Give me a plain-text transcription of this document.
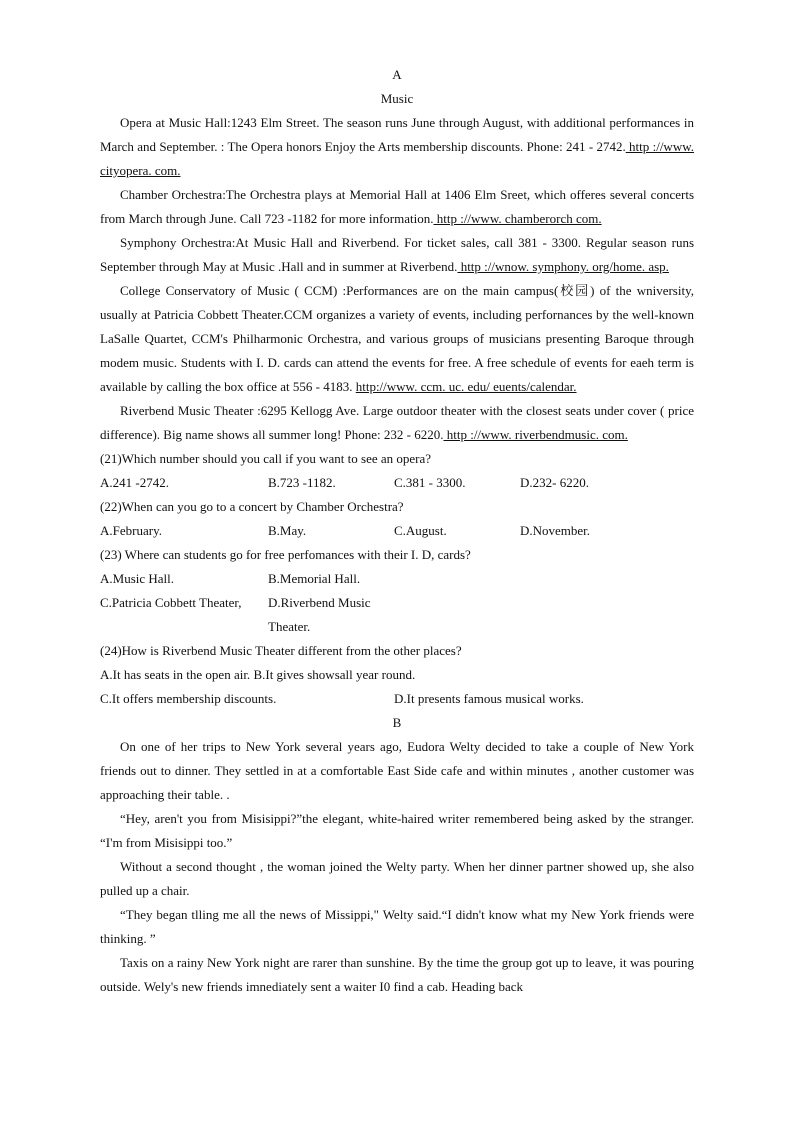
A
Music

Opera at Music Hall:1243 Elm Street. The season runs June through August, with additional performances in March and September. : The Opera honors Enjoy the Arts membership discounts. Phone: 241 - 2742. http ://www. cityopera. com.

Chamber Orchestra:The Orchestra plays at Memorial Hall at 1406 Elm Sreet, which offeres several concerts from March through June. Call 723 -1182 for more information. http ://www. chamberorch com.

Symphony Orchestra:At Music Hall and Riverbend. For ticket sales, call 381 - 3300. Regular season runs September through May at Music .Hall and in summer at Riverbend. http ://wnow. symphony. org/home. asp.

College Conservatory of Music ( CCM) :Performances are on the main campus(校园) of the wniversity, usually at Patricia Cobbett Theater.CCM organizes a variety of events, including perfornances by the well-known LaSalle Quartet, CCM's Philharmonic Orchestra, and various groups of musicians presenting Baroque through modem music. Students with I. D. cards can attend the events for free. A free schedule of events for eaeh term is available by calling the box office at 556 - 4183. http://www. ccm. uc. edu/ euents/calendar.

Riverbend Music Theater :6295 Kellogg Ave. Large outdoor theater with the closest seats under cover ( price difference). Big name shows all summer long! Phone: 232 - 6220. http ://www. riverbendmusic. com.

(21)Which number should you call if you want to see an opera?

A.241 -2742.	B.723 -1182.	C.381 - 3300.	D.232- 6220.

(22)When can you go to a concert by Chamber Orchestra?

A.February.	B.May.	C.August.	D.November.

(23) Where can students go for free perfomances with their I. D, cards?

A.Music Hall.	B.Memorial Hall.
C.Patricia Cobbett Theater,	D.Riverbend Music Theater.

(24)How is Riverbend Music Theater different from the other places?

A.It has seats in the open air.
B.It gives showsall year round.
C.It offers membership discounts.	D.It presents famous musical works.
B

On one of her trips to New York several years ago, Eudora Welty decided to take a couple of New York friends out to dinner. They settled in at a comfortable East Side cafe and within minutes , another customer was approaching their table. .

“Hey, aren't you from Misisippi?”the elegant, white-haired writer remembered being asked by the stranger. “I'm from Misisippi too.”

Without a second thought , the woman joined the Welty party. When her dinner partner showed up, she also pulled up a chair.

“They began tlling me all the news of Missippi," Welty said.“I didn't know what my New York friends were thinking. ”

Taxis on a rainy New York night are rarer than sunshine. By the time the group got up to leave, it was pouring outside. Wely's new friends imnediately sent a waiter I0 find a cab. Heading back
